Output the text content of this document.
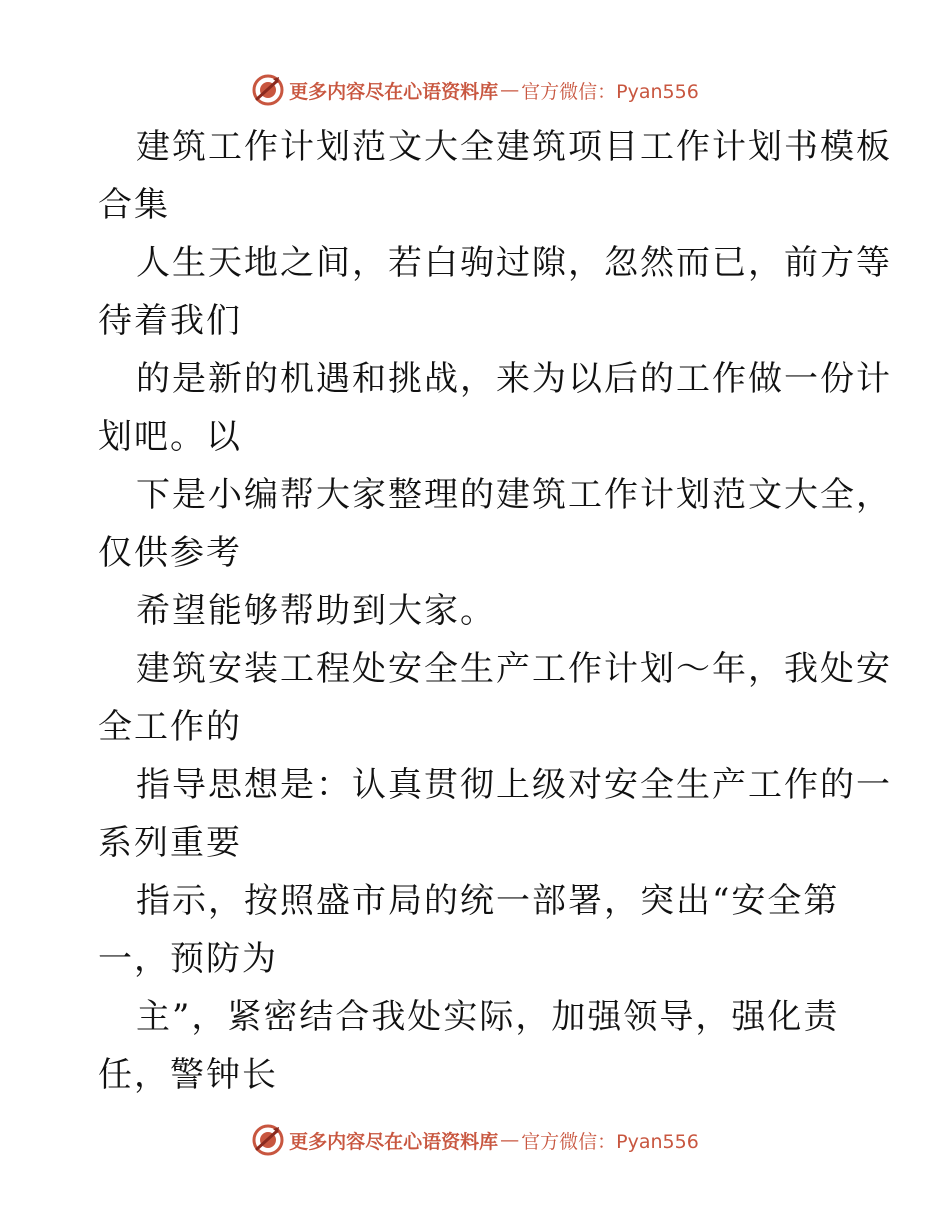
更多内容尽在心语资料库 — 官方微信：Pyan556
建筑工作计划范文大全建筑项目工作计划书模板
合集
人生天地之间，若白驹过隙，忽然而已，前方等
待着我们
的是新的机遇和挑战，来为以后的工作做一份计
划吧。以
下是小编帮大家整理的建筑工作计划范文大全，
仅供参考
希望能够帮助到大家。
建筑安装工程处安全生产工作计划～年，我处安
全工作的
指导思想是：认真贯彻上级对安全生产工作的一
系列重要
指示，按照盛市局的统一部署，突出“安全第
一，预防为
主”，紧密结合我处实际，加强领导，强化责
任，警钟长
更多内容尽在心语资料库 — 官方微信：Pyan556
